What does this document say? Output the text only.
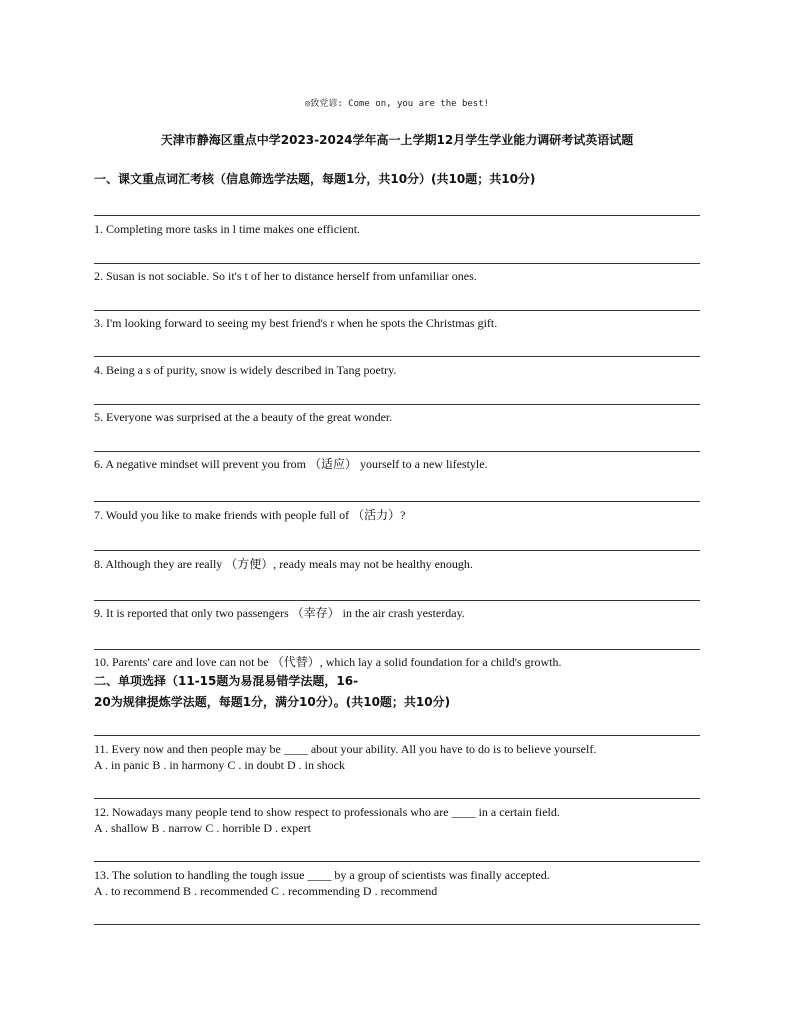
◎致党谚: Come on, you are the best!
天津市静海区重点中学2023-2024学年高一上学期12月学生学业能力调研考试英语试题
一、课文重点词汇考核（信息筛选学法题，每题1分，共10分）(共10题；共10分)
1. Completing more tasks in l time makes one efficient.
2. Susan is not sociable. So it's t of her to distance herself from unfamiliar ones.
3. I'm looking forward to seeing my best friend's r when he spots the Christmas gift.
4. Being a s of purity, snow is widely described in Tang poetry.
5. Everyone was surprised at the a beauty of the great wonder.
6. A negative mindset will prevent you from （适应） yourself to a new lifestyle.
7. Would you like to make friends with people full of （活力）?
8. Although they are really （方便）, ready meals may not be healthy enough.
9. It is reported that only two passengers （幸存） in the air crash yesterday.
10. Parents' care and love can not be （代替）, which lay a solid foundation for a child's growth.
二、单项选择（11-15题为易混易错学法题，16-
20为规律提炼学法题，每题1分，满分10分）。(共10题；共10分)
11. Every now and then people may be ____ about your ability. All you have to do is to believe yourself.
A . in panic B . in harmony C . in doubt D . in shock
12. Nowadays many people tend to show respect to professionals who are ____ in a certain field.
A . shallow B . narrow C . horrible D . expert
13. The solution to handling the tough issue ____ by a group of scientists was finally accepted.
A . to recommend B . recommended C . recommending D . recommend
